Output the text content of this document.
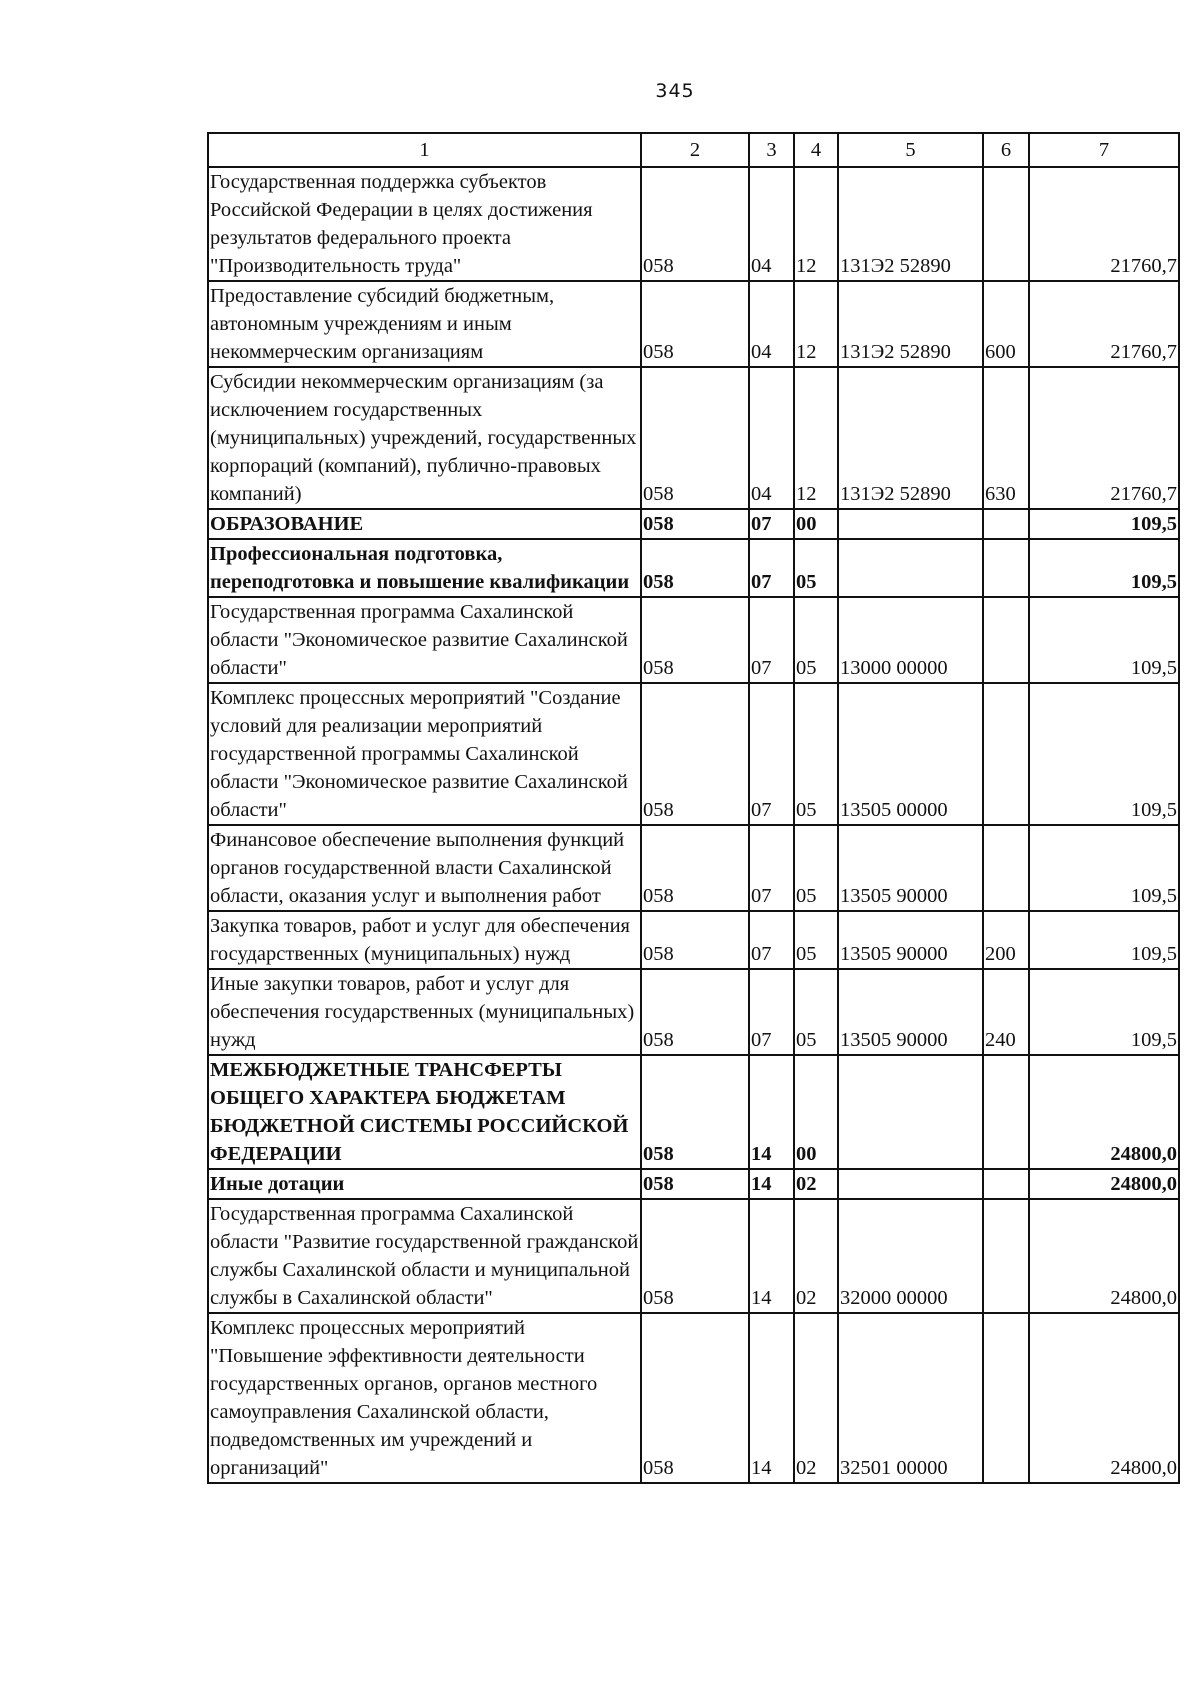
345
1	2	3	4	5	6	7
Государственная поддержка субъектов Российской Федерации в целях достижения результатов федерального проекта "Производительность труда"	058	04	12	131Э2 52890		21760,7
Предоставление субсидий бюджетным, автономным учреждениям и иным некоммерческим организациям	058	04	12	131Э2 52890	600	21760,7
Субсидии некоммерческим организациям (за исключением государственных (муниципальных) учреждений, государственных корпораций (компаний), публично-правовых компаний)	058	04	12	131Э2 52890	630	21760,7
ОБРАЗОВАНИЕ	058	07	00			109,5
Профессиональная подготовка, переподготовка и повышение квалификации	058	07	05			109,5
Государственная программа Сахалинской области "Экономическое развитие Сахалинской области"	058	07	05	13000 00000		109,5
Комплекс процессных мероприятий "Создание условий для реализации мероприятий государственной программы Сахалинской области "Экономическое развитие Сахалинской области"	058	07	05	13505 00000		109,5
Финансовое обеспечение выполнения функций органов государственной власти Сахалинской области, оказания услуг и выполнения работ	058	07	05	13505 90000		109,5
Закупка товаров, работ и услуг для обеспечения государственных (муниципальных) нужд	058	07	05	13505 90000	200	109,5
Иные закупки товаров, работ и услуг для обеспечения государственных (муниципальных) нужд	058	07	05	13505 90000	240	109,5
МЕЖБЮДЖЕТНЫЕ ТРАНСФЕРТЫ ОБЩЕГО ХАРАКТЕРА БЮДЖЕТАМ БЮДЖЕТНОЙ СИСТЕМЫ РОССИЙСКОЙ ФЕДЕРАЦИИ	058	14	00			24800,0
Иные дотации	058	14	02			24800,0
Государственная программа Сахалинской области "Развитие государственной гражданской службы Сахалинской области и муниципальной службы в Сахалинской области"	058	14	02	32000 00000		24800,0
Комплекс процессных мероприятий "Повышение эффективности деятельности государственных органов, органов местного самоуправления Сахалинской области, подведомственных им учреждений и организаций"	058	14	02	32501 00000		24800,0
